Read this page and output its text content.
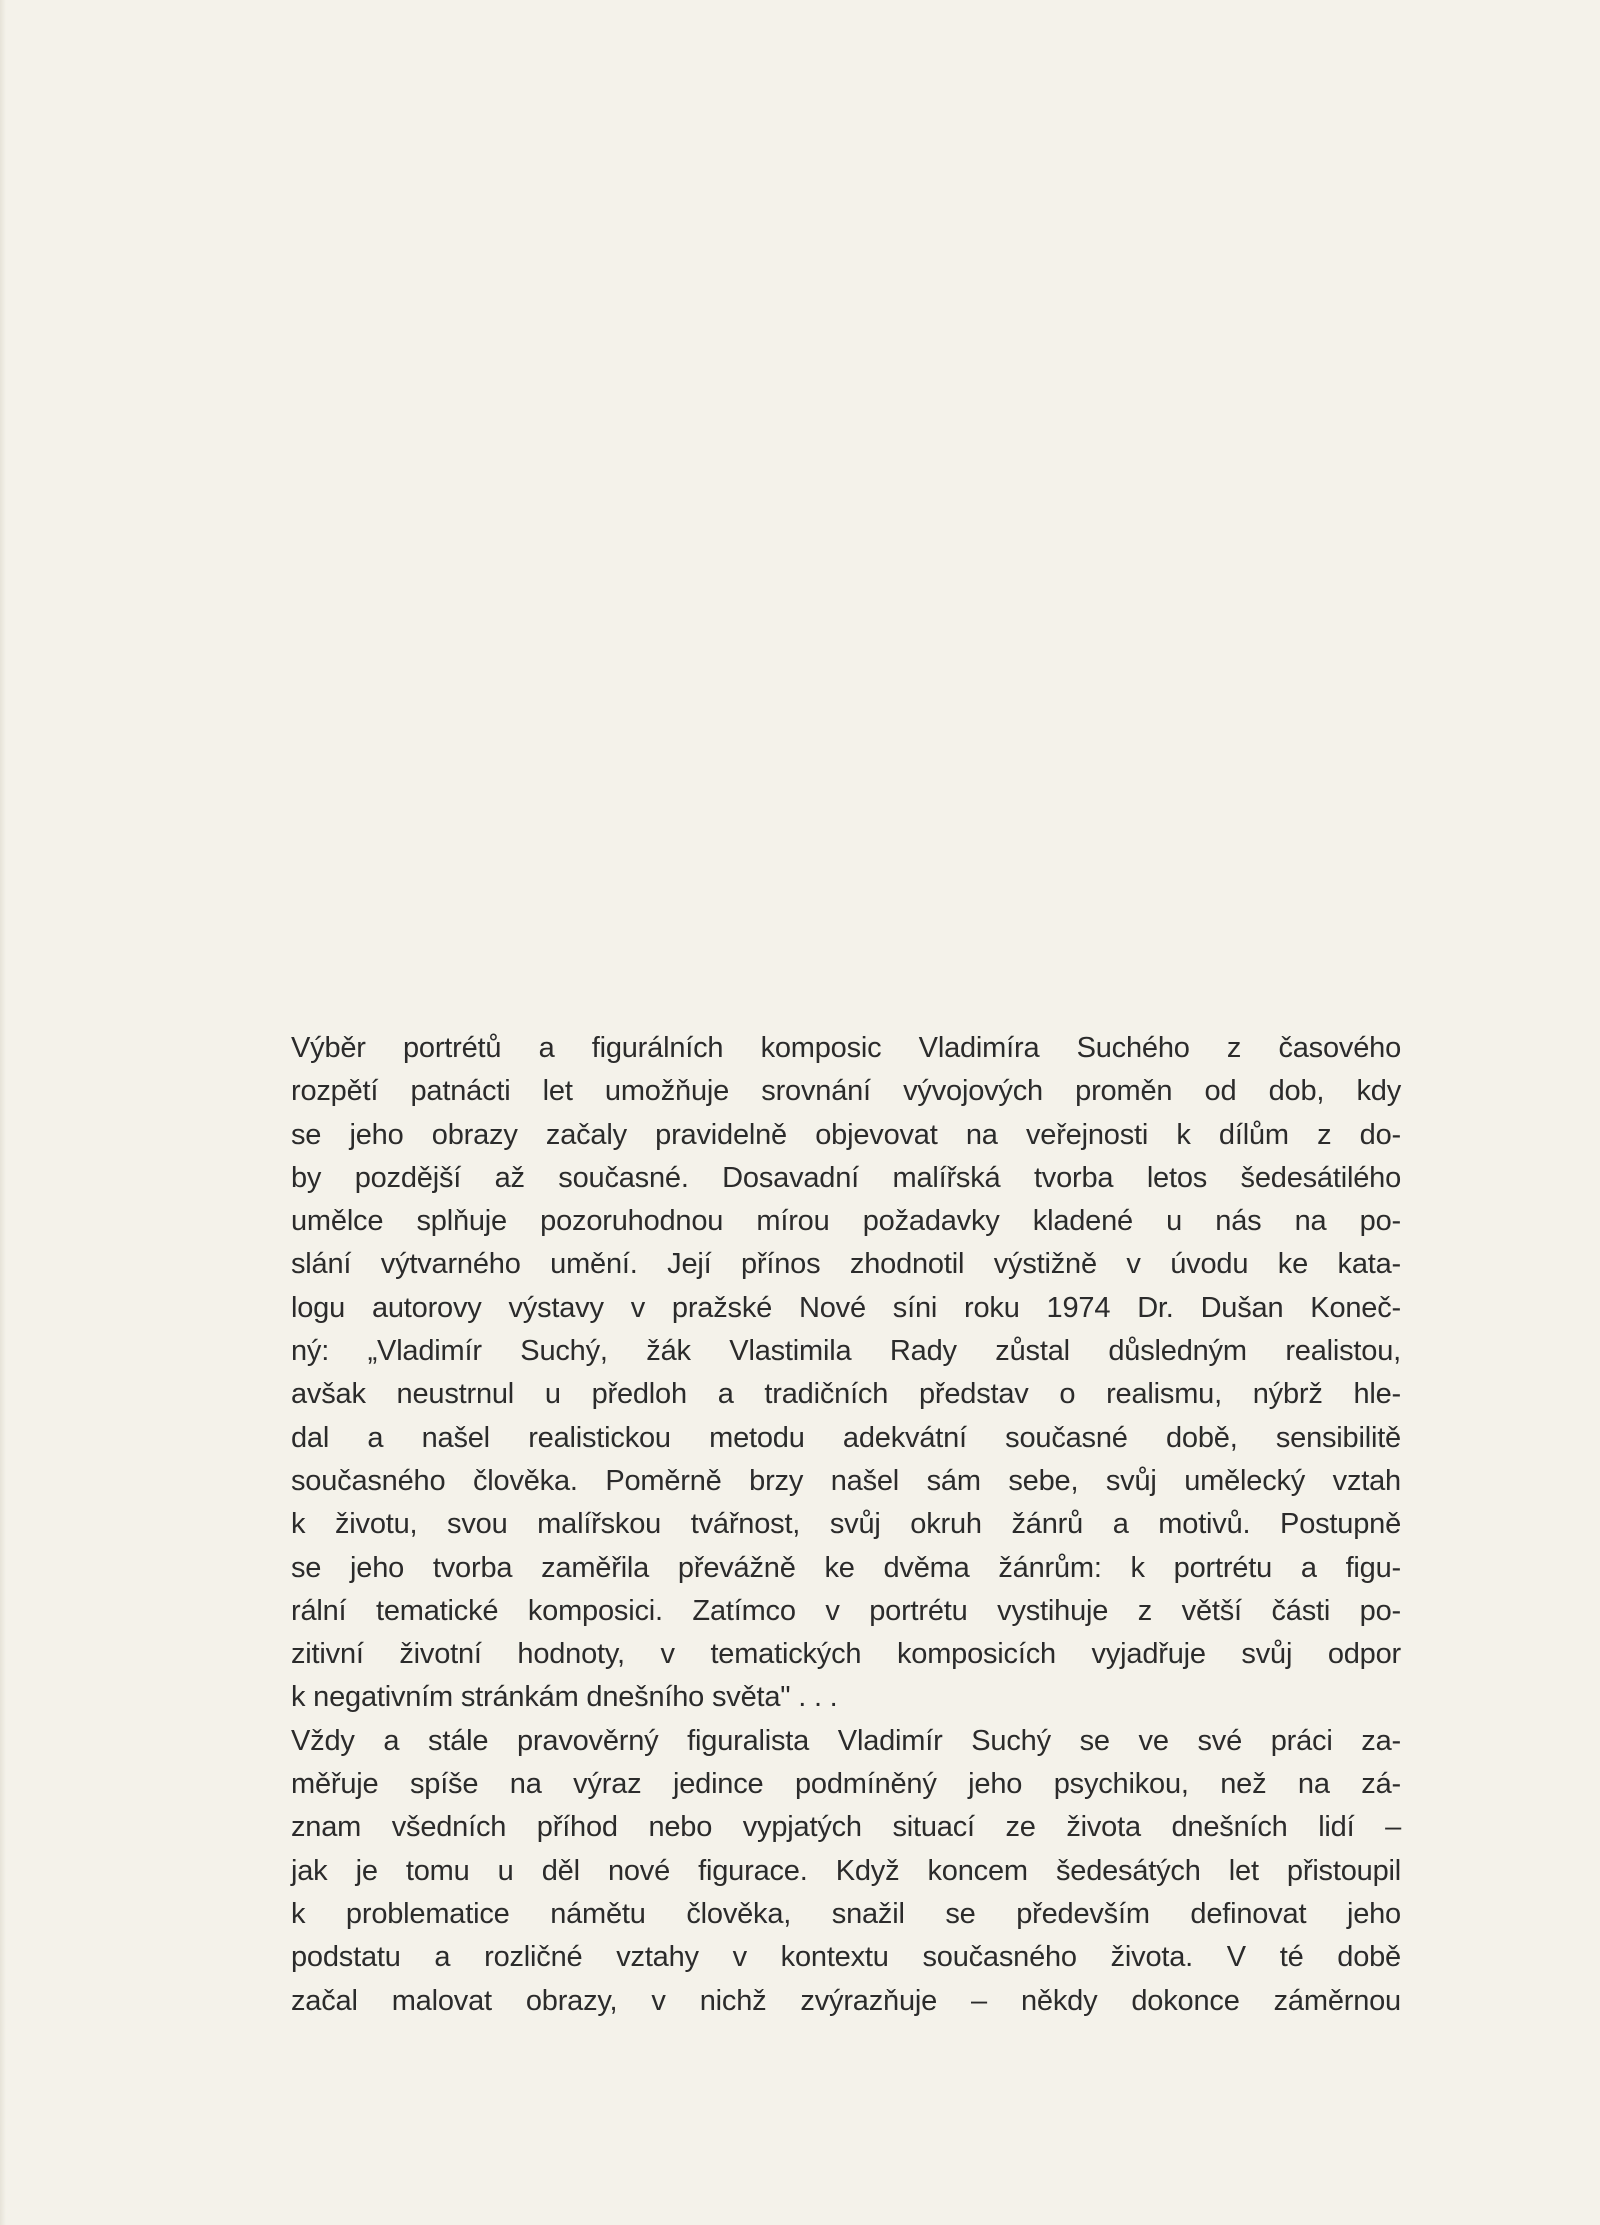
Výběr portrétů a figurálních komposic Vladimíra Suchého z časového
rozpětí patnácti let umožňuje srovnání vývojových proměn od dob, kdy
se jeho obrazy začaly pravidelně objevovat na veřejnosti k dílům z do-
by pozdější až současné. Dosavadní malířská tvorba letos šedesátilého
umělce splňuje pozoruhodnou mírou požadavky kladené u nás na po-
slání výtvarného umění. Její přínos zhodnotil výstižně v úvodu ke kata-
logu autorovy výstavy v pražské Nové síni roku 1974 Dr. Dušan Koneč-
ný: „Vladimír Suchý, žák Vlastimila Rady zůstal důsledným realistou,
avšak neustrnul u předloh a tradičních představ o realismu, nýbrž hle-
dal a našel realistickou metodu adekvátní současné době, sensibilitě
současného člověka. Poměrně brzy našel sám sebe, svůj umělecký vztah
k životu, svou malířskou tvářnost, svůj okruh žánrů a motivů. Postupně
se jeho tvorba zaměřila převážně ke dvěma žánrům: k portrétu a figu-
rální tematické komposici. Zatímco v portrétu vystihuje z větší části po-
zitivní životní hodnoty, v tematických komposicích vyjadřuje svůj odpor
k negativním stránkám dnešního světa" . . .
Vždy a stále pravověrný figuralista Vladimír Suchý se ve své práci za-
měřuje spíše na výraz jedince podmíněný jeho psychikou, než na zá-
znam všedních příhod nebo vypjatých situací ze života dnešních lidí –
jak je tomu u děl nové figurace. Když koncem šedesátých let přistoupil
k problematice námětu člověka, snažil se především definovat jeho
podstatu a rozličné vztahy v kontextu současného života. V té době
začal malovat obrazy, v nichž zvýrazňuje – někdy dokonce záměrnou
